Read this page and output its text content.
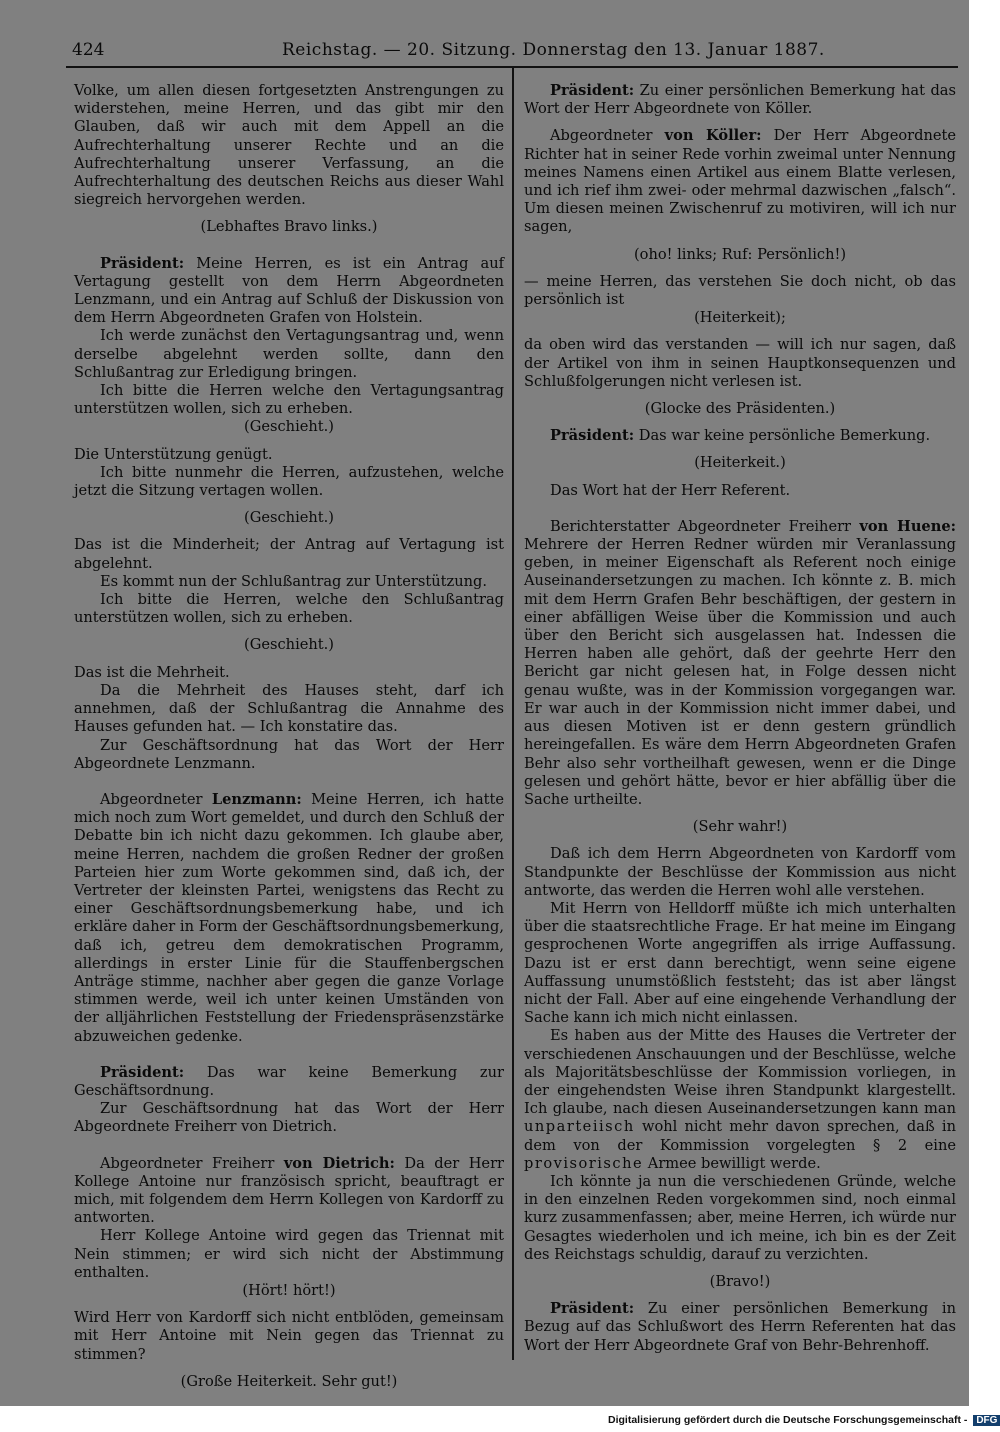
424	Reichstag. — 20. Sitzung. Donnerstag den 13. Januar 1887.

Volke, um allen diesen fortgesetzten Anstrengungen zu widerstehen, meine Herren, und das gibt mir den Glauben, daß wir auch mit dem Appell an die Aufrechterhaltung unserer Rechte und an die Aufrechterhaltung unserer Verfassung, an die Aufrechterhaltung des deutschen Reichs aus dieser Wahl siegreich hervorgehen werden.

(Lebhaftes Bravo links.)

Präsident: Meine Herren, es ist ein Antrag auf Vertagung gestellt von dem Herrn Abgeordneten Lenzmann, und ein Antrag auf Schluß der Diskussion von dem Herrn Abgeordneten Grafen von Holstein.

Ich werde zunächst den Vertagungsantrag und, wenn derselbe abgelehnt werden sollte, dann den Schlußantrag zur Erledigung bringen.

Ich bitte die Herren welche den Vertagungsantrag unterstützen wollen, sich zu erheben.

(Geschieht.)

Die Unterstützung genügt.

Ich bitte nunmehr die Herren, aufzustehen, welche jetzt die Sitzung vertagen wollen.

(Geschieht.)

Das ist die Minderheit; der Antrag auf Vertagung ist abgelehnt.

Es kommt nun der Schlußantrag zur Unterstützung.

Ich bitte die Herren, welche den Schlußantrag unterstützen wollen, sich zu erheben.

(Geschieht.)

Das ist die Mehrheit.

Da die Mehrheit des Hauses steht, darf ich annehmen, daß der Schlußantrag die Annahme des Hauses gefunden hat. — Ich konstatire das.

Zur Geschäftsordnung hat das Wort der Herr Abgeordnete Lenzmann.

Abgeordneter Lenzmann: Meine Herren, ich hatte mich noch zum Wort gemeldet, und durch den Schluß der Debatte bin ich nicht dazu gekommen. Ich glaube aber, meine Herren, nachdem die großen Redner der großen Parteien hier zum Worte gekommen sind, daß ich, der Vertreter der kleinsten Partei, wenigstens das Recht zu einer Geschäftsordnungsbemerkung habe, und ich erkläre daher in Form der Geschäftsordnungsbemerkung, daß ich, getreu dem demokratischen Programm, allerdings in erster Linie für die Stauffenbergschen Anträge stimme, nachher aber gegen die ganze Vorlage stimmen werde, weil ich unter keinen Umständen von der alljährlichen Feststellung der Friedenspräsenzstärke abzuweichen gedenke.

Präsident: Das war keine Bemerkung zur Geschäftsordnung.

Zur Geschäftsordnung hat das Wort der Herr Abgeordnete Freiherr von Dietrich.

Abgeordneter Freiherr von Dietrich: Da der Herr Kollege Antoine nur französisch spricht, beauftragt er mich, mit folgendem dem Herrn Kollegen von Kardorff zu antworten.

Herr Kollege Antoine wird gegen das Triennat mit Nein stimmen; er wird sich nicht der Abstimmung enthalten.

(Hört! hört!)

Wird Herr von Kardorff sich nicht entblöden, gemeinsam mit Herr Antoine mit Nein gegen das Triennat zu stimmen?

(Große Heiterkeit. Sehr gut!)

Präsident: Zu einer persönlichen Bemerkung hat das Wort der Herr Abgeordnete von Köller.

Abgeordneter von Köller: Der Herr Abgeordnete Richter hat in seiner Rede vorhin zweimal unter Nennung meines Namens einen Artikel aus einem Blatte verlesen, und ich rief ihm zwei- oder mehrmal dazwischen „falsch“. Um diesen meinen Zwischenruf zu motiviren, will ich nur sagen,

(oho! links; Ruf: Persönlich!)

— meine Herren, das verstehen Sie doch nicht, ob das persönlich ist

(Heiterkeit);

da oben wird das verstanden — will ich nur sagen, daß der Artikel von ihm in seinen Hauptkonsequenzen und Schlußfolgerungen nicht verlesen ist.

(Glocke des Präsidenten.)

Präsident: Das war keine persönliche Bemerkung.

(Heiterkeit.)

Das Wort hat der Herr Referent.

Berichterstatter Abgeordneter Freiherr von Huene: Mehrere der Herren Redner würden mir Veranlassung geben, in meiner Eigenschaft als Referent noch einige Auseinandersetzungen zu machen. Ich könnte z. B. mich mit dem Herrn Grafen Behr beschäftigen, der gestern in einer abfälligen Weise über die Kommission und auch über den Bericht sich ausgelassen hat. Indessen die Herren haben alle gehört, daß der geehrte Herr den Bericht gar nicht gelesen hat, in Folge dessen nicht genau wußte, was in der Kommission vorgegangen war. Er war auch in der Kommission nicht immer dabei, und aus diesen Motiven ist er denn gestern gründlich hereingefallen. Es wäre dem Herrn Abgeordneten Grafen Behr also sehr vortheilhaft gewesen, wenn er die Dinge gelesen und gehört hätte, bevor er hier abfällig über die Sache urtheilte.

(Sehr wahr!)

Daß ich dem Herrn Abgeordneten von Kardorff vom Standpunkte der Beschlüsse der Kommission aus nicht antworte, das werden die Herren wohl alle verstehen.

Mit Herrn von Helldorff müßte ich mich unterhalten über die staatsrechtliche Frage. Er hat meine im Eingang gesprochenen Worte angegriffen als irrige Auffassung. Dazu ist er erst dann berechtigt, wenn seine eigene Auffassung unumstößlich feststeht; das ist aber längst nicht der Fall. Aber auf eine eingehende Verhandlung der Sache kann ich mich nicht einlassen.

Es haben aus der Mitte des Hauses die Vertreter der verschiedenen Anschauungen und der Beschlüsse, welche als Majoritätsbeschlüsse der Kommission vorliegen, in der eingehendsten Weise ihren Standpunkt klargestellt. Ich glaube, nach diesen Auseinandersetzungen kann man unparteiisch wohl nicht mehr davon sprechen, daß in dem von der Kommission vorgelegten § 2 eine provisorische Armee bewilligt werde.

Ich könnte ja nun die verschiedenen Gründe, welche in den einzelnen Reden vorgekommen sind, noch einmal kurz zusammenfassen; aber, meine Herren, ich würde nur Gesagtes wiederholen und ich meine, ich bin es der Zeit des Reichstags schuldig, darauf zu verzichten.

(Bravo!)

Präsident: Zu einer persönlichen Bemerkung in Bezug auf das Schlußwort des Herrn Referenten hat das Wort der Herr Abgeordnete Graf von Behr-Behrenhoff.

Digitalisierung gefördert durch die Deutsche Forschungsgemeinschaft - DFG
